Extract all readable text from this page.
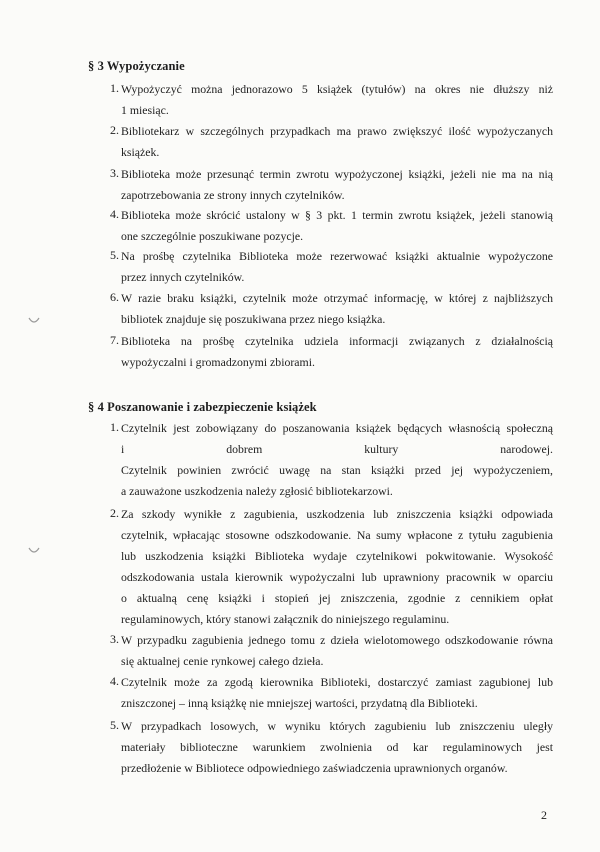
§ 3 Wypożyczanie
1. Wypożyczyć można jednorazowo 5 książek (tytułów) na okres nie dłuższy niż
1 miesiąc.
2. Bibliotekarz w szczególnych przypadkach ma prawo zwiększyć ilość wypożyczanych
książek.
3. Biblioteka może przesunąć termin zwrotu wypożyczonej książki, jeżeli nie ma na nią
zapotrzebowania ze strony innych czytelników.
4. Biblioteka może skrócić ustalony w § 3 pkt. 1 termin zwrotu książek, jeżeli stanowią
one szczególnie poszukiwane pozycje.
5. Na prośbę czytelnika Biblioteka może rezerwować książki aktualnie wypożyczone
przez innych czytelników.
6. W razie braku książki, czytelnik może otrzymać informację, w której z najbliższych
bibliotek znajduje się poszukiwana przez niego książka.
7. Biblioteka na prośbę czytelnika udziela informacji związanych z działalnością
wypożyczalni i gromadzonymi zbiorami.
§ 4 Poszanowanie i zabezpieczenie książek
1. Czytelnik jest zobowiązany do poszanowania książek będących własnością społeczną
i dobrem kultury narodowej.
Czytelnik powinien zwrócić uwagę na stan książki przed jej wypożyczeniem,
a zauważone uszkodzenia należy zgłosić bibliotekarzowi.
2. Za szkody wynikłe z zagubienia, uszkodzenia lub zniszczenia książki odpowiada
czytelnik, wpłacając stosowne odszkodowanie. Na sumy wpłacone z tytułu zagubienia
lub uszkodzenia książki Biblioteka wydaje czytelnikowi pokwitowanie. Wysokość
odszkodowania ustala kierownik wypożyczalni lub uprawniony pracownik w oparciu
o aktualną cenę książki i stopień jej zniszczenia, zgodnie z cennikiem opłat
regulaminowych, który stanowi załącznik do niniejszego regulaminu.
3. W przypadku zagubienia jednego tomu z dzieła wielotomowego odszkodowanie równa
się aktualnej cenie rynkowej całego dzieła.
4. Czytelnik może za zgodą kierownika Biblioteki, dostarczyć zamiast zagubionej lub
zniszczonej – inną książkę nie mniejszej wartości, przydatną dla Biblioteki.
5. W przypadkach losowych, w wyniku których zagubieniu lub zniszczeniu uległy
materiały biblioteczne warunkiem zwolnienia od kar regulaminowych jest
przedłożenie w Bibliotece odpowiedniego zaświadczenia uprawnionych organów.
2
